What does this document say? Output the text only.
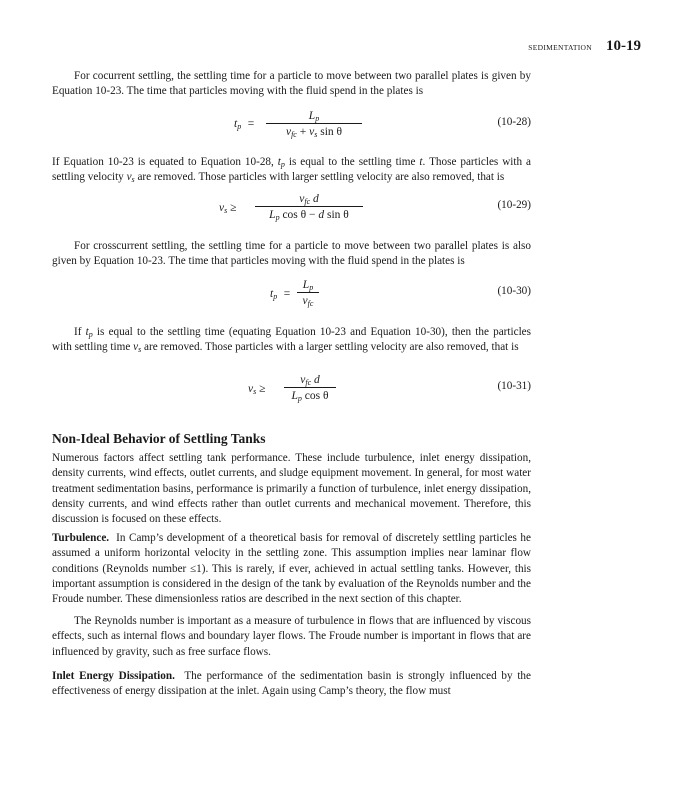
SEDIMENTATION 10-19

For cocurrent settling, the settling time for a particle to move between two parallel plates is given by Equation 10-23. The time that particles moving with the fluid spend in the plates is

$t_p$  =
$L_p$
$v_{fc} + v_s$ sin θ
(10-28)

If Equation 10-23 is equated to Equation 10-28, $t_p$ is equal to the settling time t. Those particles with a settling velocity $v_s$ are removed. Those particles with larger settling velocity are also removed, that is

$v_s$ ≥
$v_{fc}$ d
$L_p$ cos θ − d sin θ
(10-29)

For crosscurrent settling, the settling time for a particle to move between two parallel plates is also given by Equation 10-23. The time that particles moving with the fluid spend in the plates is

$t_p$  =
$L_p$
$v_{fc}$
(10-30)

If $t_p$ is equal to the settling time (equating Equation 10-23 and Equation 10-30), then the particles with settling time $v_s$ are removed. Those particles with a larger settling velocity are also removed, that is

$v_s$ ≥
$v_{fc}$ d
$L_p$ cos θ
(10-31)
Non-Ideal Behavior of Settling Tanks

Numerous factors affect settling tank performance. These include turbulence, inlet energy dissipation, density currents, wind effects, outlet currents, and sludge equipment movement. In general, for most water treatment sedimentation basins, performance is primarily a function of turbulence, inlet energy dissipation, density currents, and wind effects rather than outlet currents and mechanical movement. Therefore, this discussion is focused on these effects.

Turbulence. In Camp’s development of a theoretical basis for removal of discretely settling particles he assumed a uniform horizontal velocity in the settling zone. This assumption implies near laminar flow conditions (Reynolds number ≤1). This is rarely, if ever, achieved in actual settling tanks. However, this important assumption is considered in the design of the tank by evaluation of the Reynolds number and the Froude number. These dimensionless ratios are described in the next section of this chapter.

The Reynolds number is important as a measure of turbulence in flows that are influenced by viscous effects, such as internal flows and boundary layer flows. The Froude number is important in flows that are influenced by gravity, such as free surface flows.

Inlet Energy Dissipation. The performance of the sedimentation basin is strongly influenced by the effectiveness of energy dissipation at the inlet. Again using Camp’s theory, the flow must
